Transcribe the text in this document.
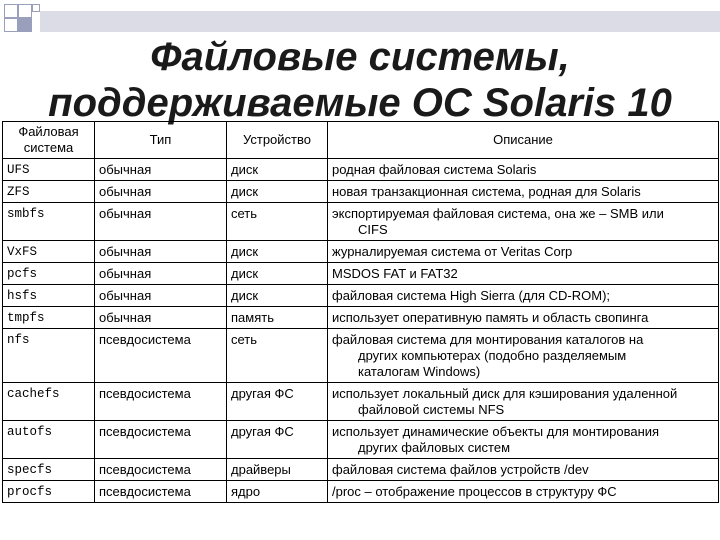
Файловые системы,
поддерживаемые ОС Solaris 10
Файловая система	Тип	Устройство	Описание
UFS	обычная	диск	родная файловая система Solaris

ZFS	обычная	диск	новая транзакционная система, родная для Solaris

smbfs	обычная	сеть	экспортируемая файловая система, она же – SMB или
CIFS

VxFS	обычная	диск	журналируемая система от Veritas Corp

pcfs	обычная	диск	MSDOS FAT и FAT32

hsfs	обычная	диск	файловая система High Sierra (для CD-ROM);

tmpfs	обычная	память	использует оперативную память и область свопинга

nfs	псевдосистема	сеть	файловая система для монтирования каталогов на
других компьютерах (подобно разделяемым
каталогам Windows)

cachefs	псевдосистема	другая ФС	использует локальный диск для кэширования удаленной
файловой системы NFS

autofs	псевдосистема	другая ФС	использует динамические объекты для монтирования
других файловых систем

specfs	псевдосистема	драйверы	файловая система файлов устройств /dev

procfs	псевдосистема	ядро	/proc – отображение процессов в структуру ФС
